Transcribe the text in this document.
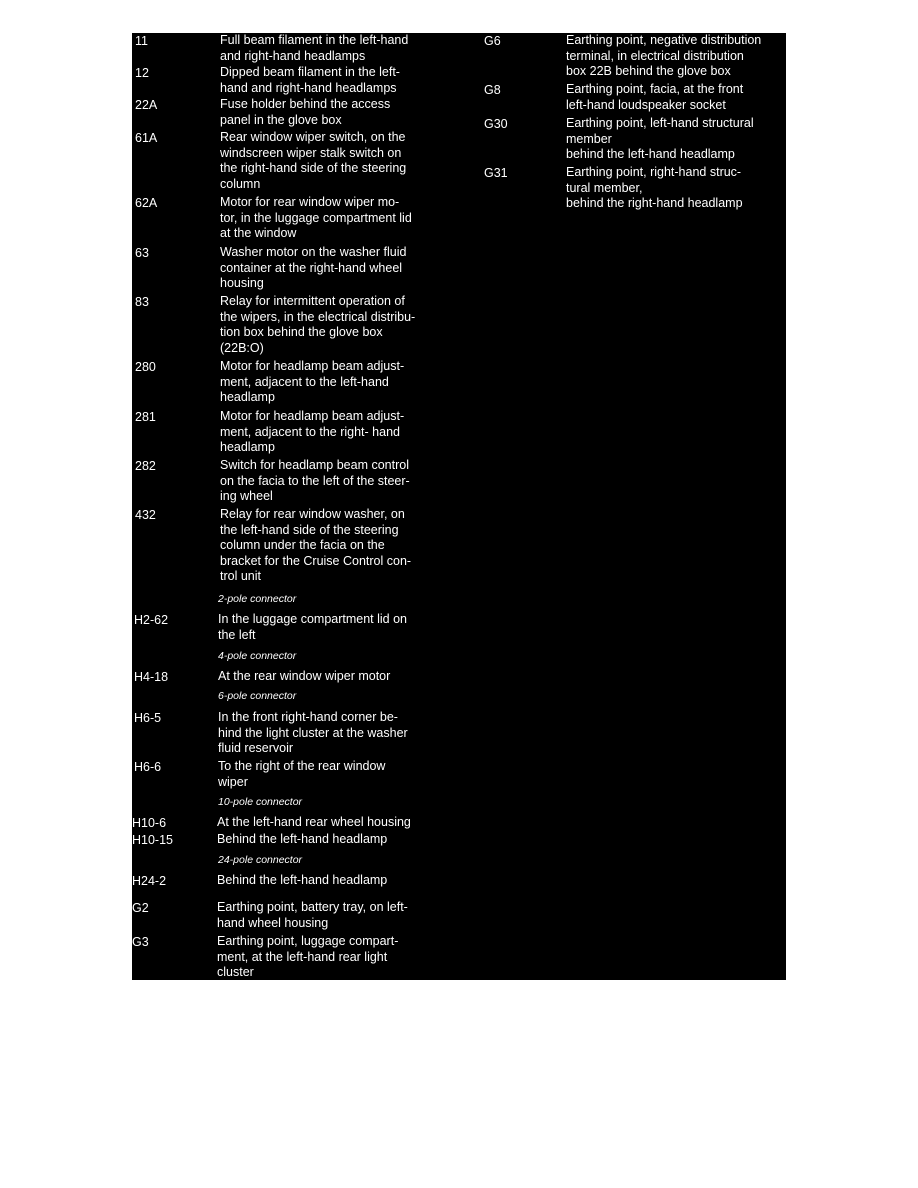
11	Full beam filament in the left-hand
and right-hand headlamps
12	Dipped beam filament in the left-
hand and right-hand headlamps
22A	Fuse holder behind the access
panel in the glove box
61A	Rear window wiper switch, on the
windscreen wiper stalk switch on
the right-hand side of the steering
column
62A	Motor for rear window wiper mo-
tor, in the luggage compartment lid
at the window
63	Washer motor on the washer fluid
container at the right-hand wheel
housing
83	Relay for intermittent operation of
the wipers, in the electrical distribu-
tion box behind the glove box
(22B:O)
280	Motor for headlamp beam adjust-
ment, adjacent to the left-hand
headlamp
281	Motor for headlamp beam adjust-
ment, adjacent to the right- hand
headlamp
282	Switch for headlamp beam control
on the facia to the left of the steer-
ing wheel
432	Relay for rear window washer, on
the left-hand side of the steering
column under the facia on the
bracket for the Cruise Control con-
trol unit
2-pole connector
H2-62	In the luggage compartment lid on
the left
4-pole connector
H4-18	At the rear window wiper motor
6-pole connector
H6-5	In the front right-hand corner be-
hind the light cluster at the washer
fluid reservoir
H6-6	To the right of the rear window
wiper
10-pole connector
H10-6	At the left-hand rear wheel housing
H10-15	Behind the left-hand headlamp
24-pole connector
H24-2	Behind the left-hand headlamp
G2	Earthing point, battery tray, on left-
hand wheel housing
G3	Earthing point, luggage compart-
ment, at the left-hand rear light
cluster
G6	Earthing point, negative distribution
terminal, in electrical distribution
box 22B behind the glove box
G8	Earthing point, facia, at the front
left-hand loudspeaker socket
G30	Earthing point, left-hand structural
member
behind the left-hand headlamp
G31	Earthing point, right-hand struc-
tural member,
behind the right-hand headlamp
